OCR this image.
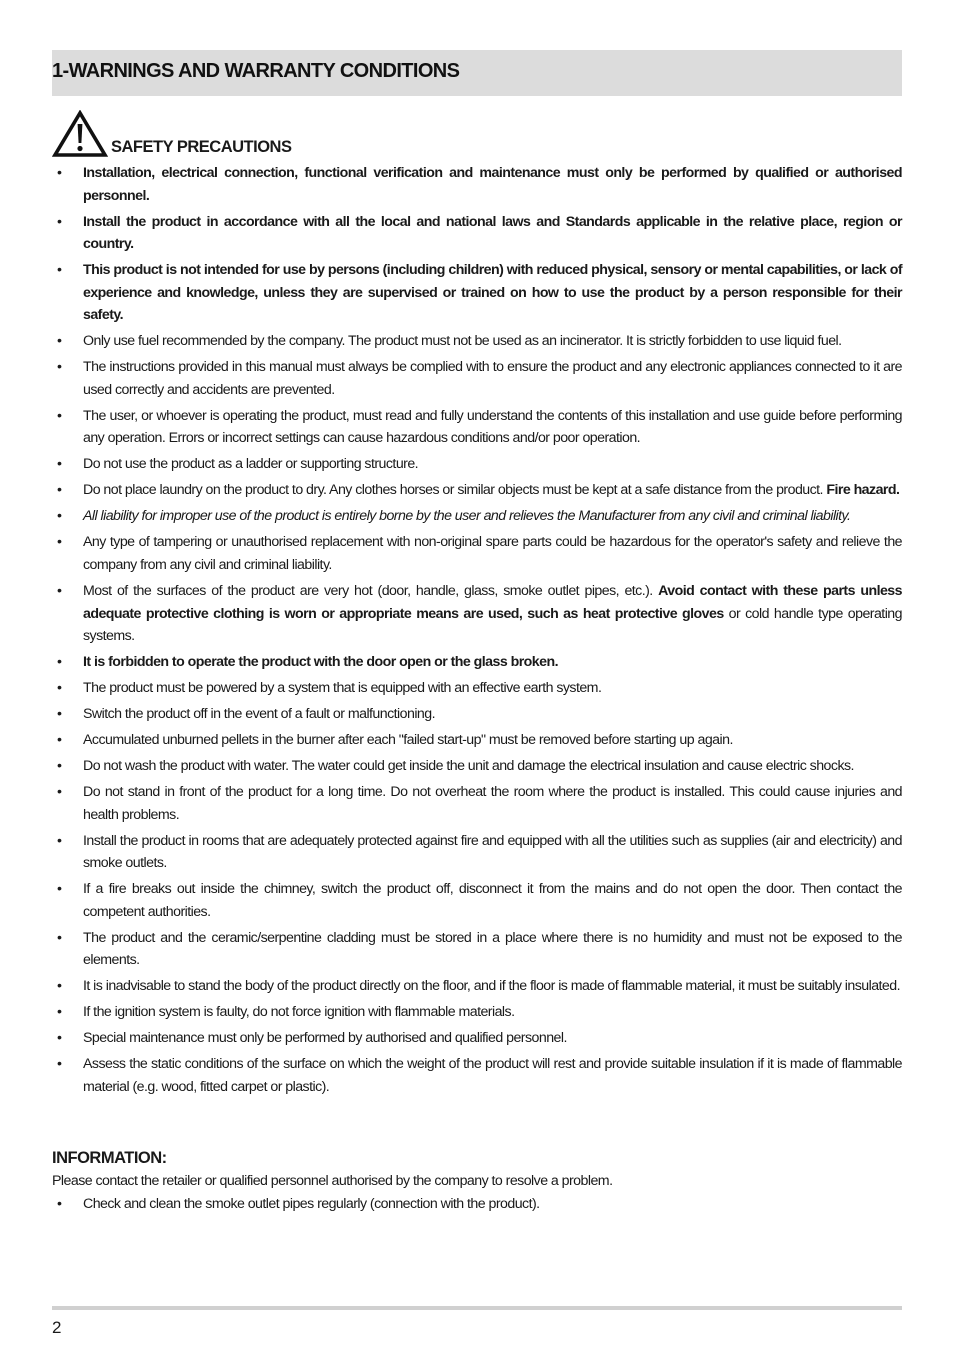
1-WARNINGS AND WARRANTY CONDITIONS
SAFETY PRECAUTIONS
• Installation, electrical connection, functional verification and maintenance must only be performed by qualified or authorised personnel.
• Install the product in accordance with all the local and national laws and Standards applicable in the relative place, region or country.
• This product is not intended for use by persons (including children) with reduced physical, sensory or mental capabilities, or lack of experience and knowledge, unless they are supervised or trained on how to use the product by a person responsible for their safety.
• Only use fuel recommended by the company. The product must not be used as an incinerator. It is strictly forbidden to use liquid fuel.
• The instructions provided in this manual must always be complied with to ensure the product and any electronic appliances connected to it are used correctly and accidents are prevented.
• The user, or whoever is operating the product, must read and fully understand the contents of this installation and use guide before performing any operation. Errors or incorrect settings can cause hazardous conditions and/or poor operation.
• Do not use the product as a ladder or supporting structure.
• Do not place laundry on the product to dry. Any clothes horses or similar objects must be kept at a safe distance from the product. Fire hazard.
• All liability for improper use of the product is entirely borne by the user and relieves the Manufacturer from any civil and criminal liability.
• Any type of tampering or unauthorised replacement with non-original spare parts could be hazardous for the operator's safety and relieve the company from any civil and criminal liability.
• Most of the surfaces of the product are very hot (door, handle, glass, smoke outlet pipes, etc.). Avoid contact with these parts unless adequate protective clothing is worn or appropriate means are used, such as heat protective gloves or cold handle type operating systems.
• It is forbidden to operate the product with the door open or the glass broken.
• The product must be powered by a system that is equipped with an effective earth system.
• Switch the product off in the event of a fault or malfunctioning.
• Accumulated unburned pellets in the burner after each "failed start-up" must be removed before starting up again.
• Do not wash the product with water. The water could get inside the unit and damage the electrical insulation and cause electric shocks.
• Do not stand in front of the product for a long time. Do not overheat the room where the product is installed. This could cause injuries and health problems.
• Install the product in rooms that are adequately protected against fire and equipped with all the utilities such as supplies (air and electricity) and smoke outlets.
• If a fire breaks out inside the chimney, switch the product off, disconnect it from the mains and do not open the door. Then contact the competent authorities.
• The product and the ceramic/serpentine cladding must be stored in a place where there is no humidity and must not be exposed to the elements.
• It is inadvisable to stand the body of the product directly on the floor, and if the floor is made of flammable material, it must be suitably insulated.
• If the ignition system is faulty, do not force ignition with flammable materials.
• Special maintenance must only be performed by authorised and qualified personnel.
• Assess the static conditions of the surface on which the weight of the product will rest and provide suitable insulation if it is made of flammable material (e.g. wood, fitted carpet or plastic).
INFORMATION:
Please contact the retailer or qualified personnel authorised by the company to resolve a problem.
• Check and clean the smoke outlet pipes regularly (connection with the product).
2
